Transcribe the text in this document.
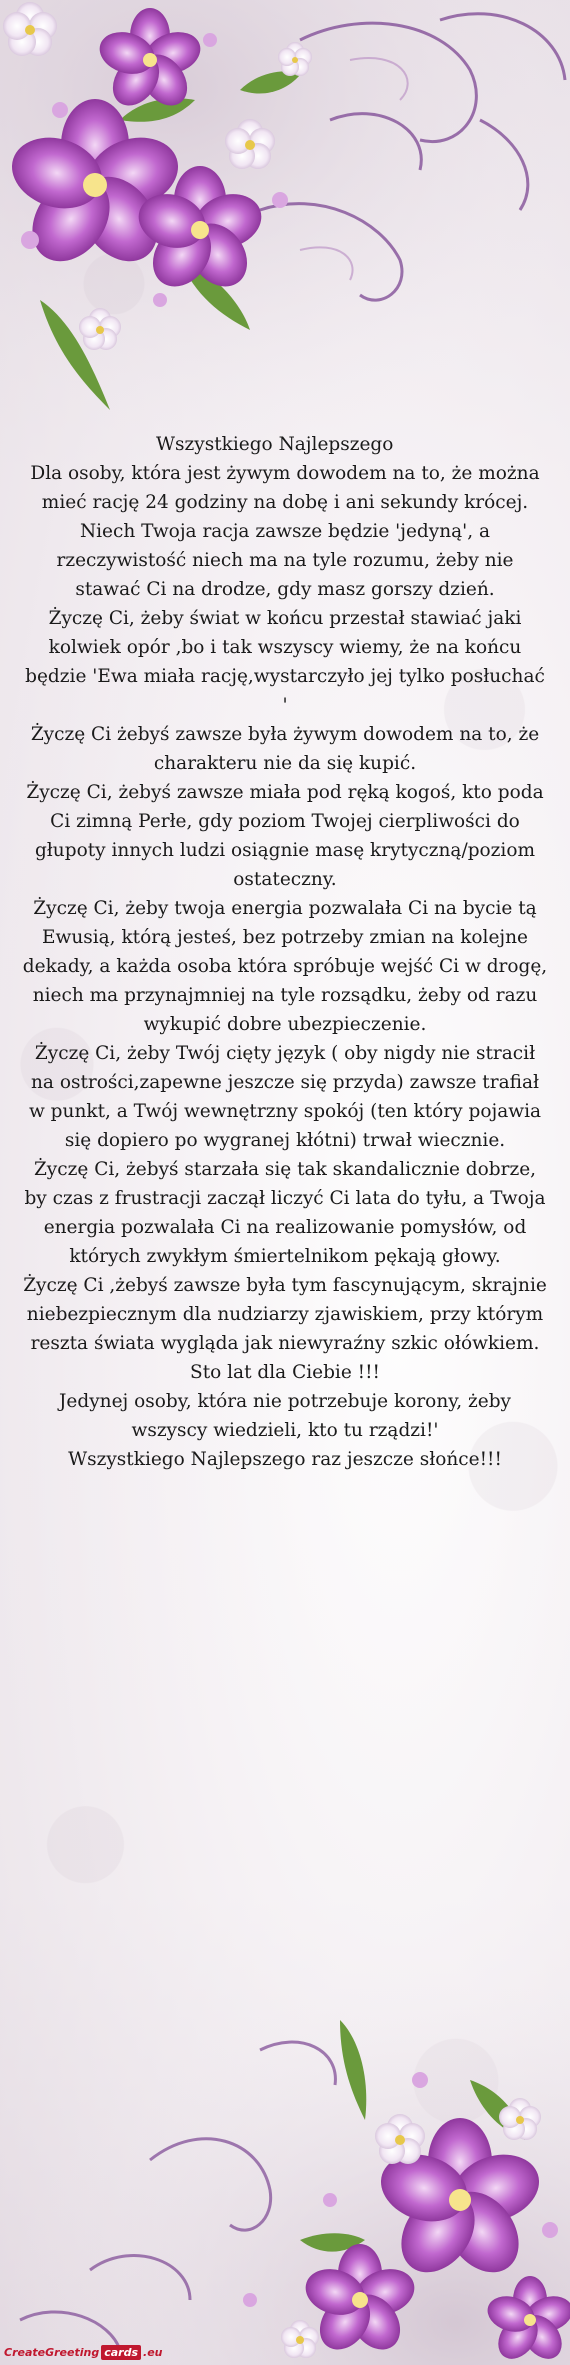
Wszystkiego Najlepszego

Dla osoby, która jest żywym dowodem na to, że można mieć rację 24 godziny na dobę i ani sekundy krócej.

Niech Twoja racja zawsze będzie 'jedyną', a rzeczywistość niech ma na tyle rozumu, żeby nie stawać Ci na drodze, gdy masz gorszy dzień.

Życzę Ci, żeby świat w końcu przestał stawiać jaki kolwiek opór ,bo i tak wszyscy wiemy, że na końcu będzie 'Ewa miała rację,wystarczyło jej tylko posłuchać '

Życzę Ci żebyś zawsze była żywym dowodem na to, że charakteru nie da się kupić.

Życzę Ci, żebyś zawsze miała pod ręką kogoś, kto poda Ci zimną Perłe, gdy poziom Twojej cierpliwości do głupoty innych ludzi osiągnie masę krytyczną/poziom ostateczny.

Życzę Ci, żeby twoja energia pozwalała Ci na bycie tą Ewusią, którą jesteś, bez potrzeby zmian na kolejne dekady, a każda osoba która spróbuje wejść Ci w drogę, niech ma przynajmniej na tyle rozsądku, żeby od razu wykupić dobre ubezpieczenie.

Życzę Ci, żeby Twój cięty język ( oby nigdy nie stracił na ostrości,zapewne jeszcze się przyda) zawsze trafiał w punkt, a Twój wewnętrzny spokój (ten który pojawia się dopiero po wygranej kłótni) trwał wiecznie.

Życzę Ci, żebyś starzała się tak skandalicznie dobrze, by czas z frustracji zaczął liczyć Ci lata do tyłu, a Twoja energia pozwalała Ci na realizowanie pomysłów, od których zwykłym śmiertelnikom pękają głowy.

Życzę Ci ,żebyś zawsze była tym fascynującym, skrajnie niebezpiecznym dla nudziarzy zjawiskiem, przy którym reszta świata wygląda jak niewyraźny szkic ołówkiem.

Sto lat dla Ciebie !!!

Jedynej osoby, która nie potrzebuje korony, żeby wszyscy wiedzieli, kto tu rządzi!'

Wszystkiego Najlepszego raz jeszcze słońce!!!

CreateGreeting cards .eu
